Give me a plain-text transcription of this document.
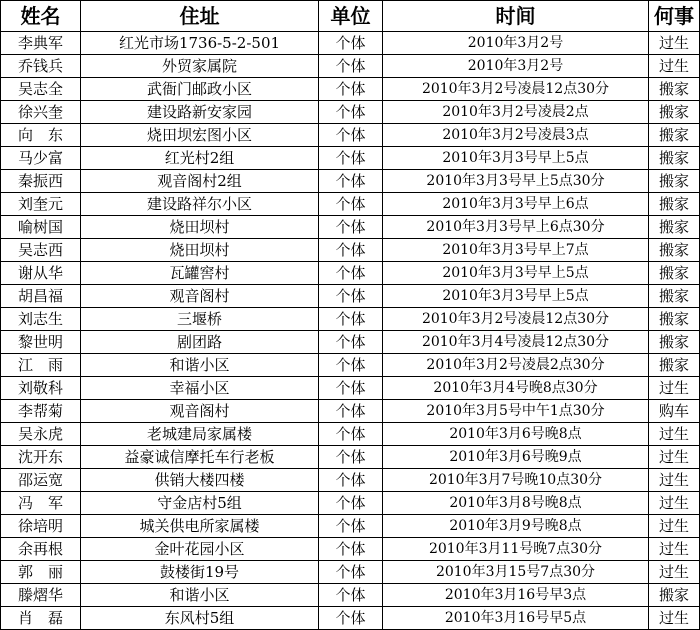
姓名	住址	单位	时间	何事
李典军	红光市场1736-5-2-501	个体	2010年3月2号	过生
乔钱兵	外贸家属院	个体	2010年3月2号	过生
吴志全	武衙门邮政小区	个体	2010年3月2号凌晨12点30分	搬家
徐兴奎	建设路新安家园	个体	2010年3月2号凌晨2点	搬家
向　东	烧田坝宏图小区	个体	2010年3月2号凌晨3点	搬家
马少富	红光村2组	个体	2010年3月3号早上5点	搬家
秦振西	观音阁村2组	个体	2010年3月3号早上5点30分	搬家
刘奎元	建设路祥尔小区	个体	2010年3月3号早上6点	搬家
喻树国	烧田坝村	个体	2010年3月3号早上6点30分	搬家
吴志西	烧田坝村	个体	2010年3月3号早上7点	搬家
谢从华	瓦罐窖村	个体	2010年3月3号早上5点	搬家
胡昌福	观音阁村	个体	2010年3月3号早上5点	搬家
刘志生	三堰桥	个体	2010年3月2号凌晨12点30分	搬家
黎世明	剧团路	个体	2010年3月4号凌晨12点30分	搬家
江　雨	和谐小区	个体	2010年3月2号凌晨2点30分	搬家
刘敬科	幸福小区	个体	2010年3月4号晚8点30分	过生
李帮菊	观音阁村	个体	2010年3月5号中午1点30分	购车
吴永虎	老城建局家属楼	个体	2010年3月6号晚8点	过生
沈开东	益豪诚信摩托车行老板	个体	2010年3月6号晚9点	过生
邵运宽	供销大楼四楼	个体	2010年3月7号晚10点30分	过生
冯　军	守金店村5组	个体	2010年3月8号晚8点	过生
徐培明	城关供电所家属楼	个体	2010年3月9号晚8点	过生
余再根	金叶花园小区	个体	2010年3月11号晚7点30分	过生
郭　丽	鼓楼街19号	个体	2010年3月15号7点30分	过生
滕熠华	和谐小区	个体	2010年3月16号早3点	搬家
肖　磊	东风村5组	个体	2010年3月16号早5点	过生
